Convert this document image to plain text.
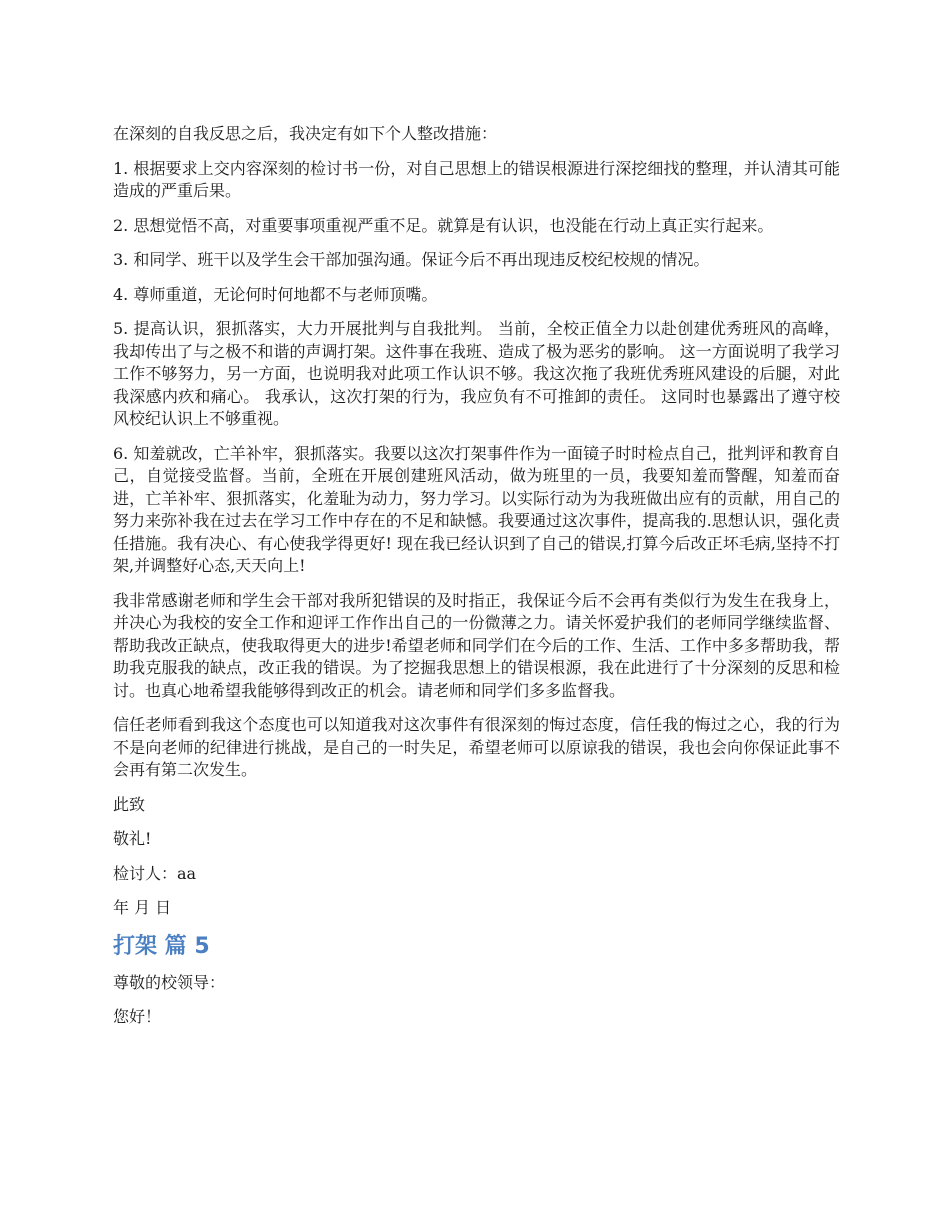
在深刻的自我反思之后，我决定有如下个人整改措施：

1. 根据要求上交内容深刻的检讨书一份，对自己思想上的错误根源进行深挖细找的整理，并认清其可能造成的严重后果。

2. 思想觉悟不高，对重要事项重视严重不足。就算是有认识，也没能在行动上真正实行起来。

3. 和同学、班干以及学生会干部加强沟通。保证今后不再出现违反校纪校规的情况。

4. 尊师重道，无论何时何地都不与老师顶嘴。

5. 提高认识，狠抓落实，大力开展批判与自我批判。 当前，全校正值全力以赴创建优秀班风的高峰，我却传出了与之极不和谐的声调打架。这件事在我班、造成了极为恶劣的影响。 这一方面说明了我学习工作不够努力，另一方面，也说明我对此项工作认识不够。我这次拖了我班优秀班风建设的后腿，对此我深感内疚和痛心。 我承认，这次打架的行为，我应负有不可推卸的责任。 这同时也暴露出了遵守校风校纪认识上不够重视。

6. 知羞就改，亡羊补牢，狠抓落实。我要以这次打架事件作为一面镜子时时检点自己，批判评和教育自己，自觉接受监督。当前，全班在开展创建班风活动，做为班里的一员，我要知羞而警醒，知羞而奋进，亡羊补牢、狠抓落实，化羞耻为动力，努力学习。以实际行动为为我班做出应有的贡献，用自己的努力来弥补我在过去在学习工作中存在的不足和缺憾。我要通过这次事件，提高我的.思想认识，强化责任措施。我有决心、有心使我学得更好! 现在我已经认识到了自己的错误,打算今后改正坏毛病,坚持不打架,并调整好心态,天天向上!

我非常感谢老师和学生会干部对我所犯错误的及时指正，我保证今后不会再有类似行为发生在我身上，并决心为我校的安全工作和迎评工作作出自己的一份微薄之力。请关怀爱护我们的老师同学继续监督、帮助我改正缺点，使我取得更大的进步!希望老师和同学们在今后的工作、生活、工作中多多帮助我，帮助我克服我的缺点，改正我的错误。为了挖掘我思想上的错误根源，我在此进行了十分深刻的反思和检讨。也真心地希望我能够得到改正的机会。请老师和同学们多多监督我。

信任老师看到我这个态度也可以知道我对这次事件有很深刻的悔过态度，信任我的悔过之心，我的行为不是向老师的纪律进行挑战，是自己的一时失足，希望老师可以原谅我的错误，我也会向你保证此事不会再有第二次发生。

此致

敬礼!

检讨人：aa

年 月 日

打架 篇 5

尊敬的校领导：

您好！
